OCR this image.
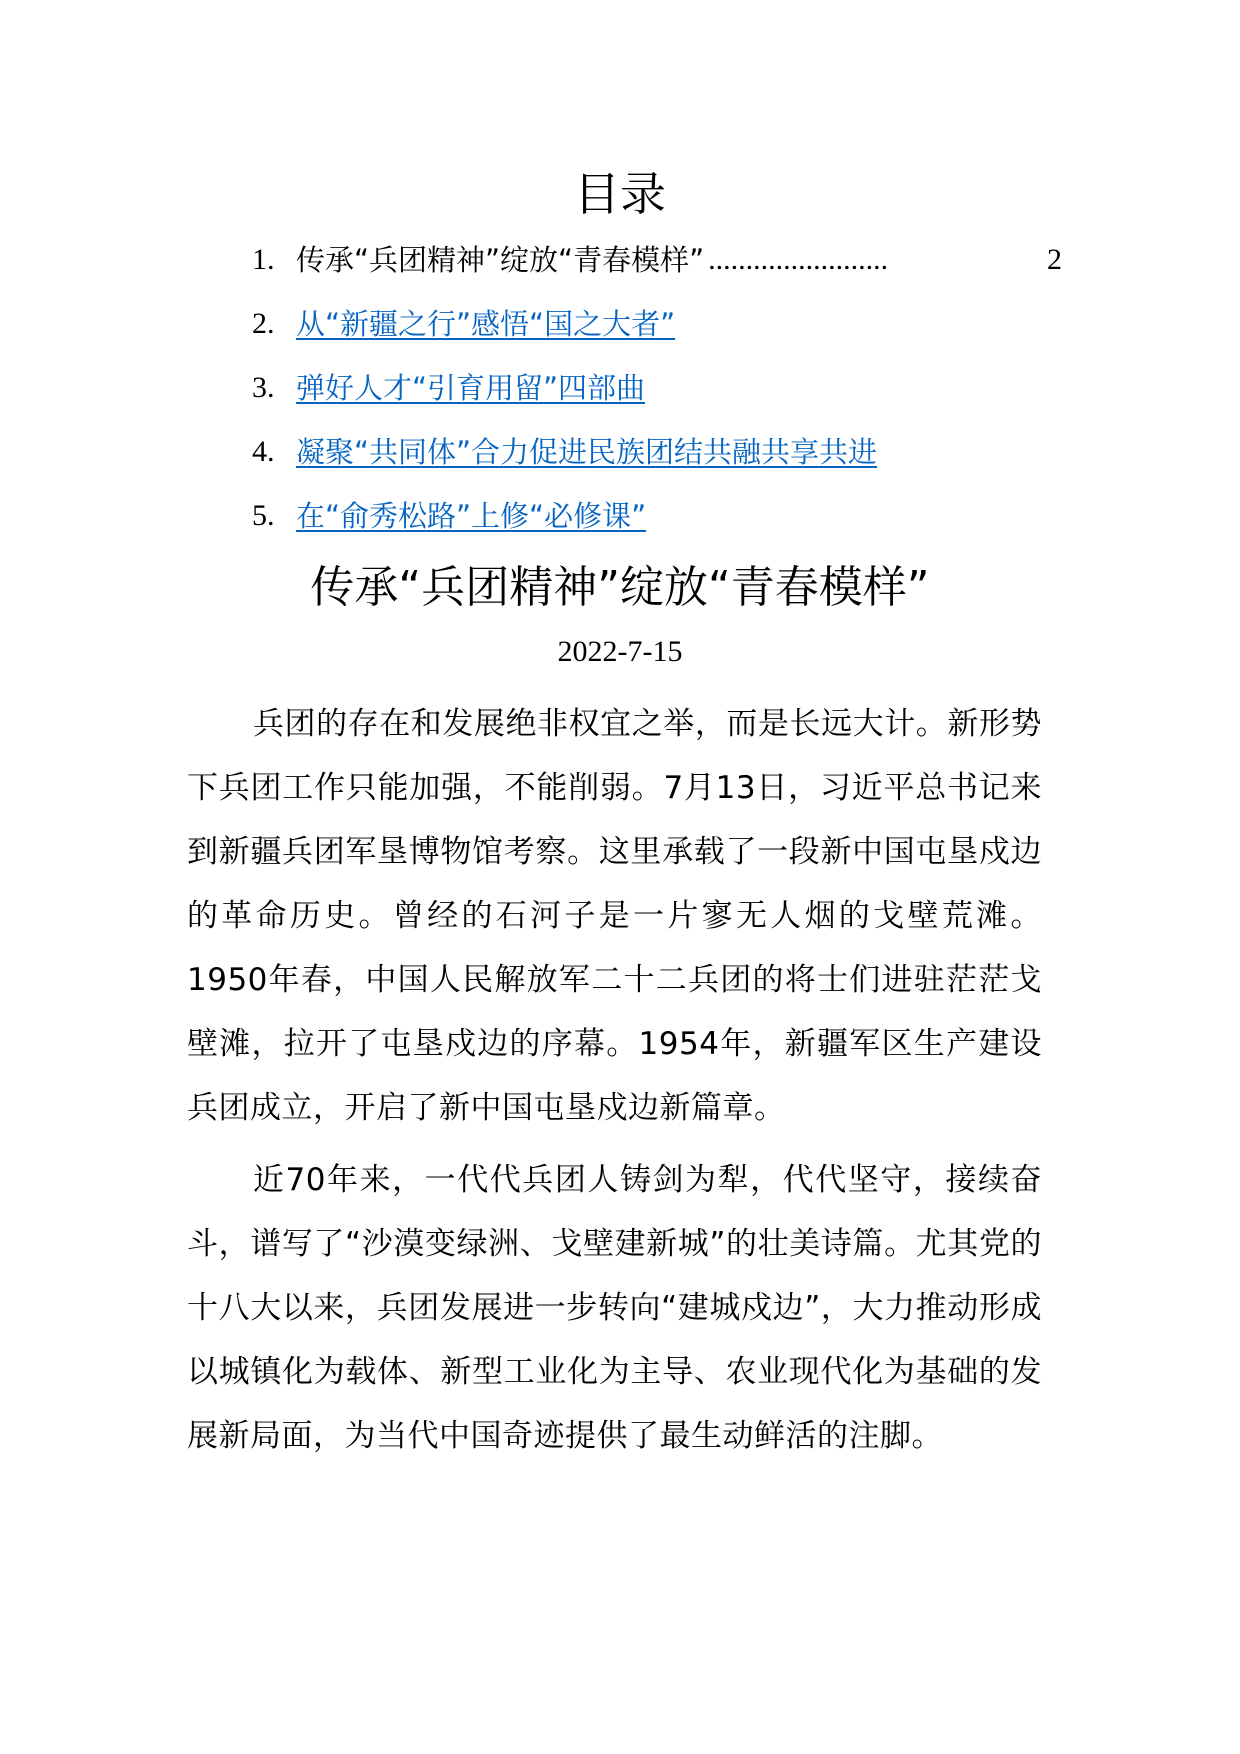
目录
1. 传承“兵团精神”绽放“青春模样” ........................	2
2. 从“新疆之行”感悟“国之大者”
3. 弹好人才“引育用留”四部曲
4. 凝聚“共同体”合力促进民族团结共融共享共进
5. 在“俞秀松路”上修“必修课”
传承“兵团精神”绽放“青春模样”

2022-7-15

兵团的存在和发展绝非权宜之举，而是长远大计。新形势下兵团工作只能加强，不能削弱。7月13日，习近平总书记来到新疆兵团军垦博物馆考察。这里承载了一段新中国屯垦戍边的革命历史。曾经的石河子是一片寥无人烟的戈壁荒滩。1950年春，中国人民解放军二十二兵团的将士们进驻茫茫戈壁滩，拉开了屯垦戍边的序幕。1954年，新疆军区生产建设兵团成立，开启了新中国屯垦戍边新篇章。

近70年来，一代代兵团人铸剑为犁，代代坚守，接续奋斗，谱写了“沙漠变绿洲、戈壁建新城”的壮美诗篇。尤其党的十八大以来，兵团发展进一步转向“建城戍边”，大力推动形成以城镇化为载体、新型工业化为主导、农业现代化为基础的发展新局面，为当代中国奇迹提供了最生动鲜活的注脚。
